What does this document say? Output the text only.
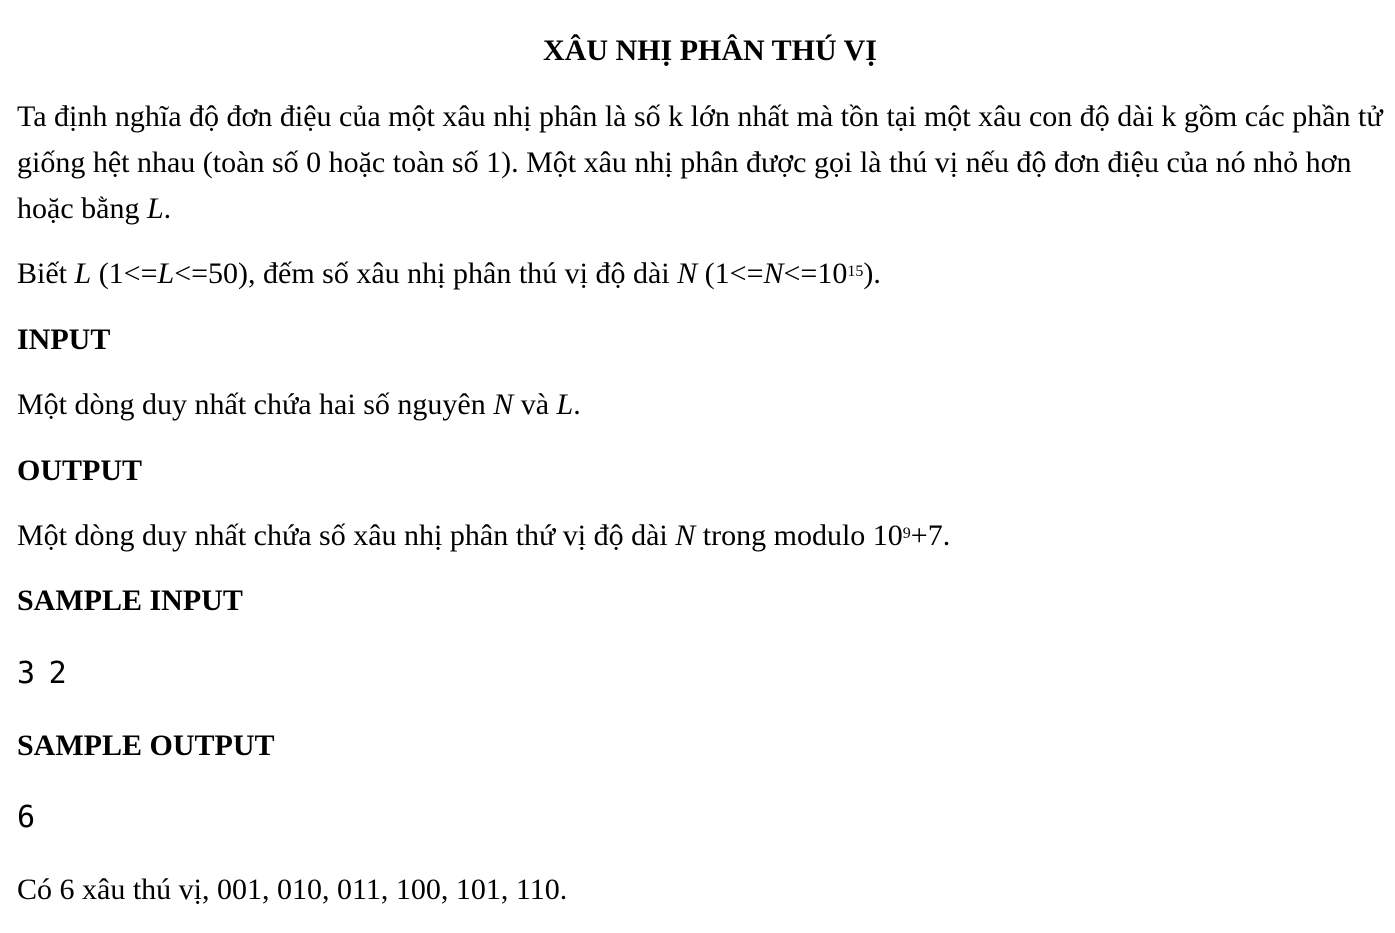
XÂU NHỊ PHÂN THÚ VỊ

Ta định nghĩa độ đơn điệu của một xâu nhị phân là số k lớn nhất mà tồn tại một xâu con độ dài k gồm các phần tử giống hệt nhau (toàn số 0 hoặc toàn số 1). Một xâu nhị phân được gọi là thú vị nếu độ đơn điệu của nó nhỏ hơn hoặc bằng L.

Biết L (1<=L<=50), đếm số xâu nhị phân thú vị độ dài N $(1<=N<=10^{15})$.

INPUT

Một dòng duy nhất chứa hai số nguyên N và L.

OUTPUT

Một dòng duy nhất chứa số xâu nhị phân thứ vị độ dài N trong modulo $10^9+7$.

SAMPLE INPUT
3 2
SAMPLE OUTPUT
6

Có 6 xâu thú vị, 001, 010, 011, 100, 101, 110.
